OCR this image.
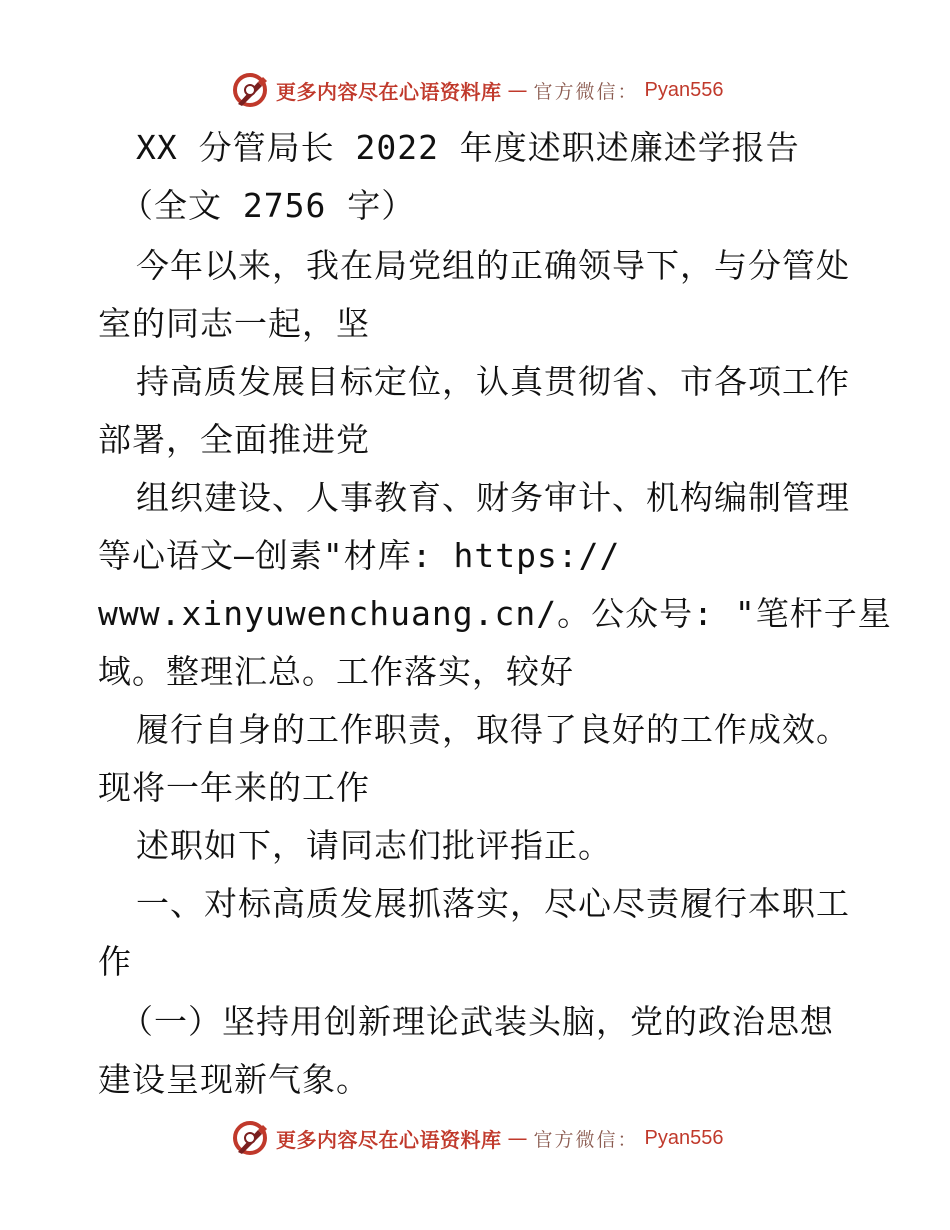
更多内容尽在心语资料库 — 官方微信： Pyan556
XX 分管局长 2022 年度述职述廉述学报告
（全文 2756 字）
今年以来，我在局党组的正确领导下，与分管处
室的同志一起，坚
持高质发展目标定位，认真贯彻省、市各项工作
部署，全面推进党
组织建设、人事教育、财务审计、机构编制管理
等心语文—创素"材库: https://
www.xinyuwenchuang.cn/。公众号: "笔杆子星
域。整理汇总。工作落实，较好
履行自身的工作职责，取得了良好的工作成效。
现将一年来的工作
述职如下，请同志们批评指正。
一、对标高质发展抓落实，尽心尽责履行本职工
作
（一）坚持用创新理论武装头脑，党的政治思想
建设呈现新气象。
更多内容尽在心语资料库 — 官方微信： Pyan556
